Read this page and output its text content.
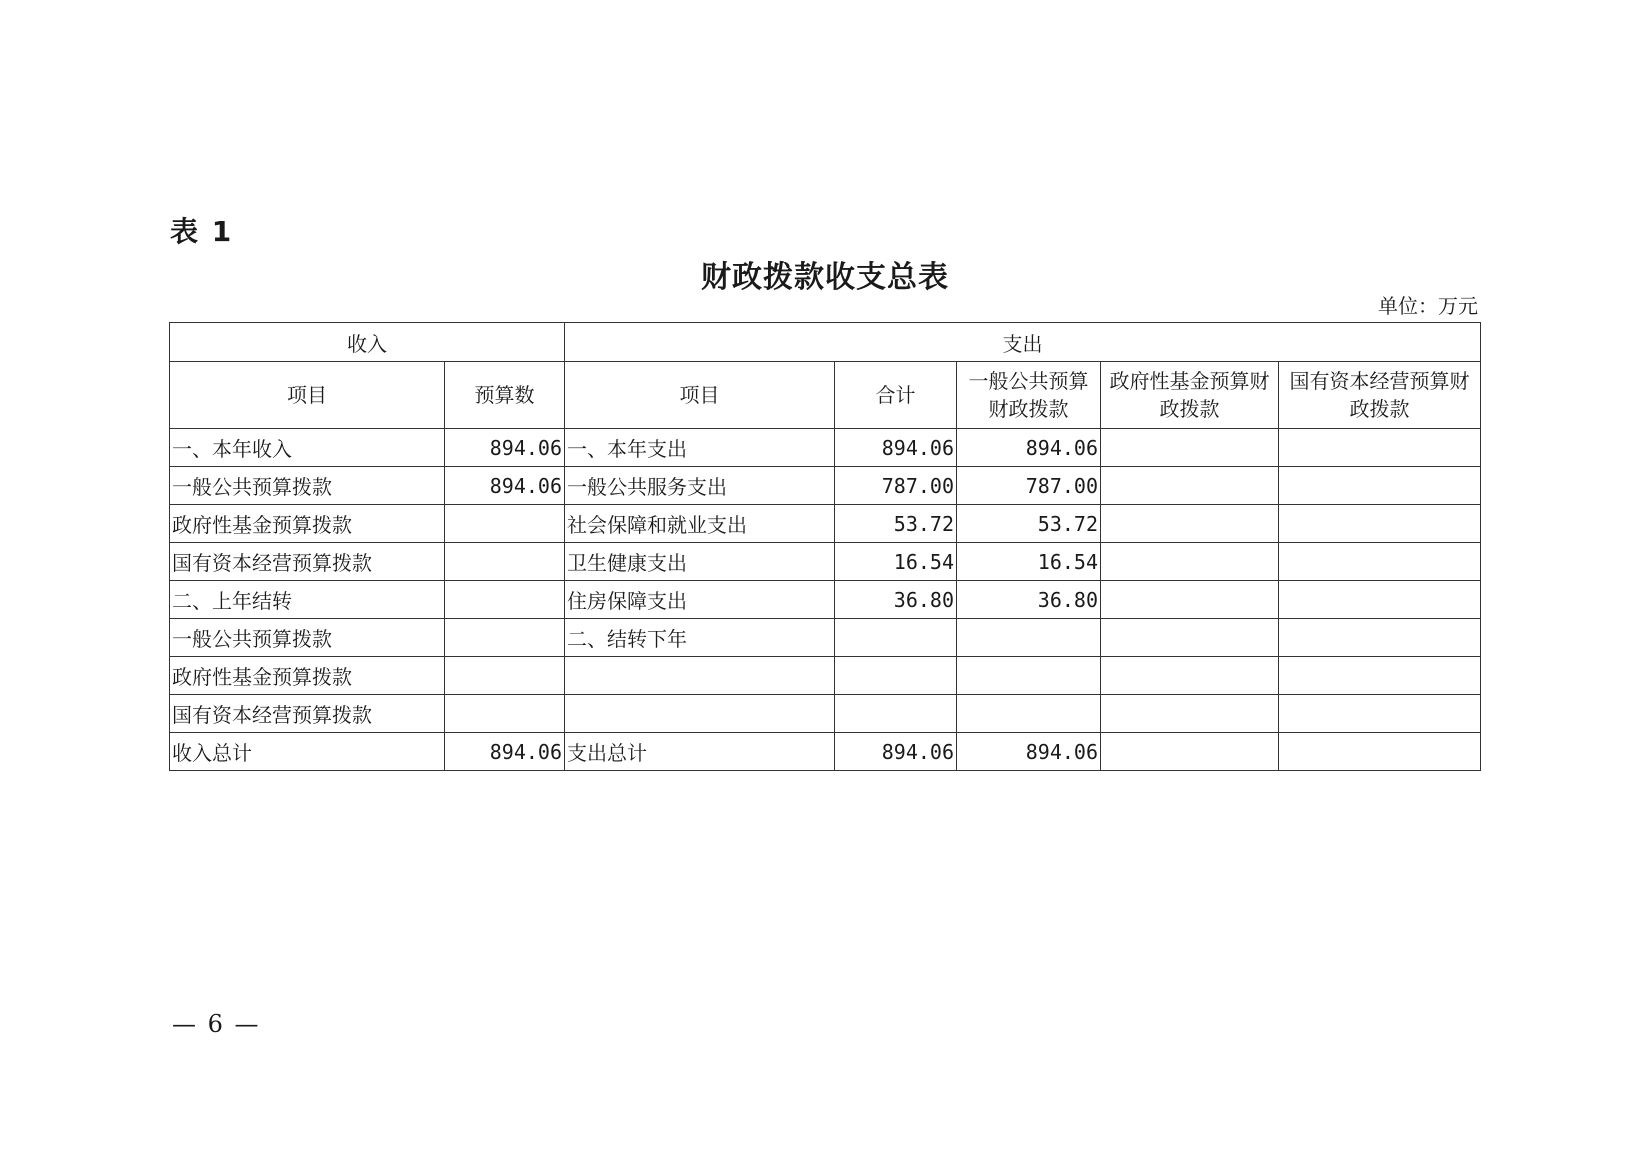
表 1
财政拨款收支总表
单位：万元
收入		支出				
项目	预算数	项目	合计	一般公共预算财政拨款	政府性基金预算财政拨款	国有资本经营预算财政拨款
一、本年收入	894.06	一、本年支出	894.06	894.06		
一般公共预算拨款	894.06	一般公共服务支出	787.00	787.00		
政府性基金预算拨款		社会保障和就业支出	53.72	53.72		
国有资本经营预算拨款		卫生健康支出	16.54	16.54		
二、上年结转		住房保障支出	36.80	36.80		
一般公共预算拨款		二、结转下年				
政府性基金预算拨款						
国有资本经营预算拨款						
收入总计	894.06	支出总计	894.06	894.06		
— 6 —
